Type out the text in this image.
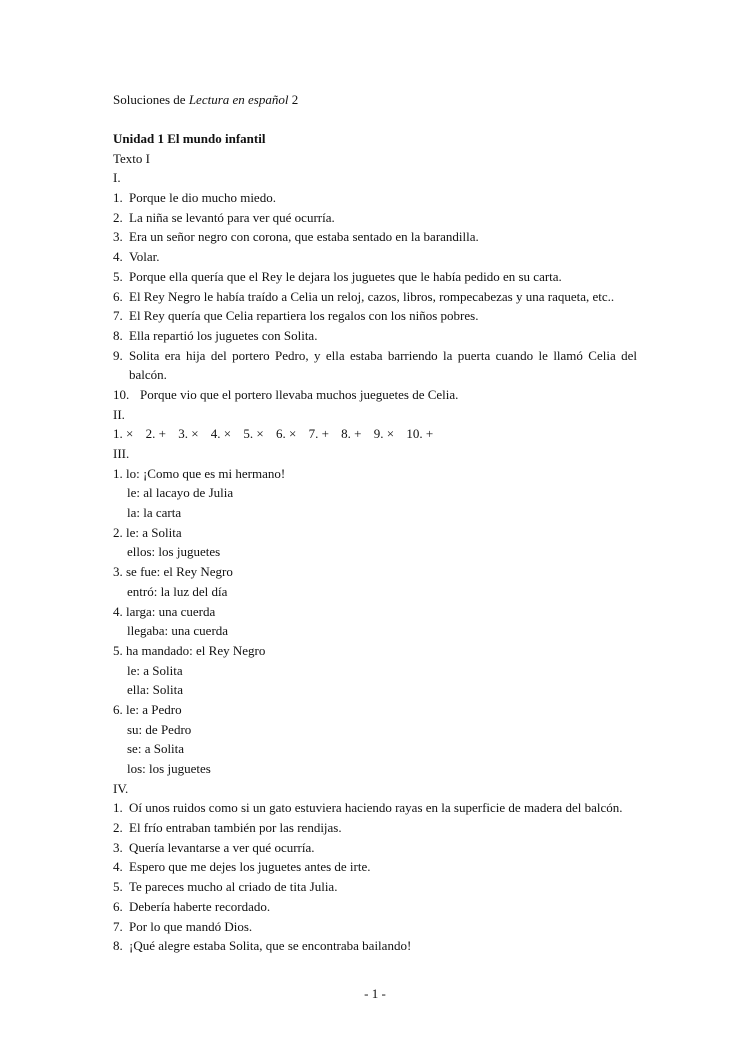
Soluciones de Lectura en español 2
Unidad 1 El mundo infantil
Texto I
I.
1. Porque le dio mucho miedo.
2. La niña se levantó para ver qué ocurría.
3. Era un señor negro con corona, que estaba sentado en la barandilla.
4. Volar.
5. Porque ella quería que el Rey le dejara los juguetes que le había pedido en su carta.
6. El Rey Negro le había traído a Celia un reloj, cazos, libros, rompecabezas y una raqueta, etc..
7. El Rey quería que Celia repartiera los regalos con los niños pobres.
8. Ella repartió los juguetes con Solita.
9. Solita era hija del portero Pedro, y ella estaba barriendo la puerta cuando le llamó Celia del balcón.
10. Porque vio que el portero llevaba muchos jueguetes de Celia.
II.
1. × 2. + 3. × 4. × 5. × 6. × 7. + 8. + 9. × 10. +
III.
1. lo: ¡Como que es mi hermano!
le: al lacayo de Julia
la: la carta
2. le: a Solita
ellos: los juguetes
3. se fue: el Rey Negro
entró: la luz del día
4. larga: una cuerda
llegaba: una cuerda
5. ha mandado: el Rey Negro
le: a Solita
ella: Solita
6. le: a Pedro
su: de Pedro
se: a Solita
los: los juguetes
IV.
1. Oí unos ruidos como si un gato estuviera haciendo rayas en la superficie de madera del balcón.
2. El frío entraban también por las rendijas.
3. Quería levantarse a ver qué ocurría.
4. Espero que me dejes los juguetes antes de irte.
5. Te pareces mucho al criado de tita Julia.
6. Debería haberte recordado.
7. Por lo que mandó Dios.
8. ¡Qué alegre estaba Solita, que se encontraba bailando!
- 1 -
